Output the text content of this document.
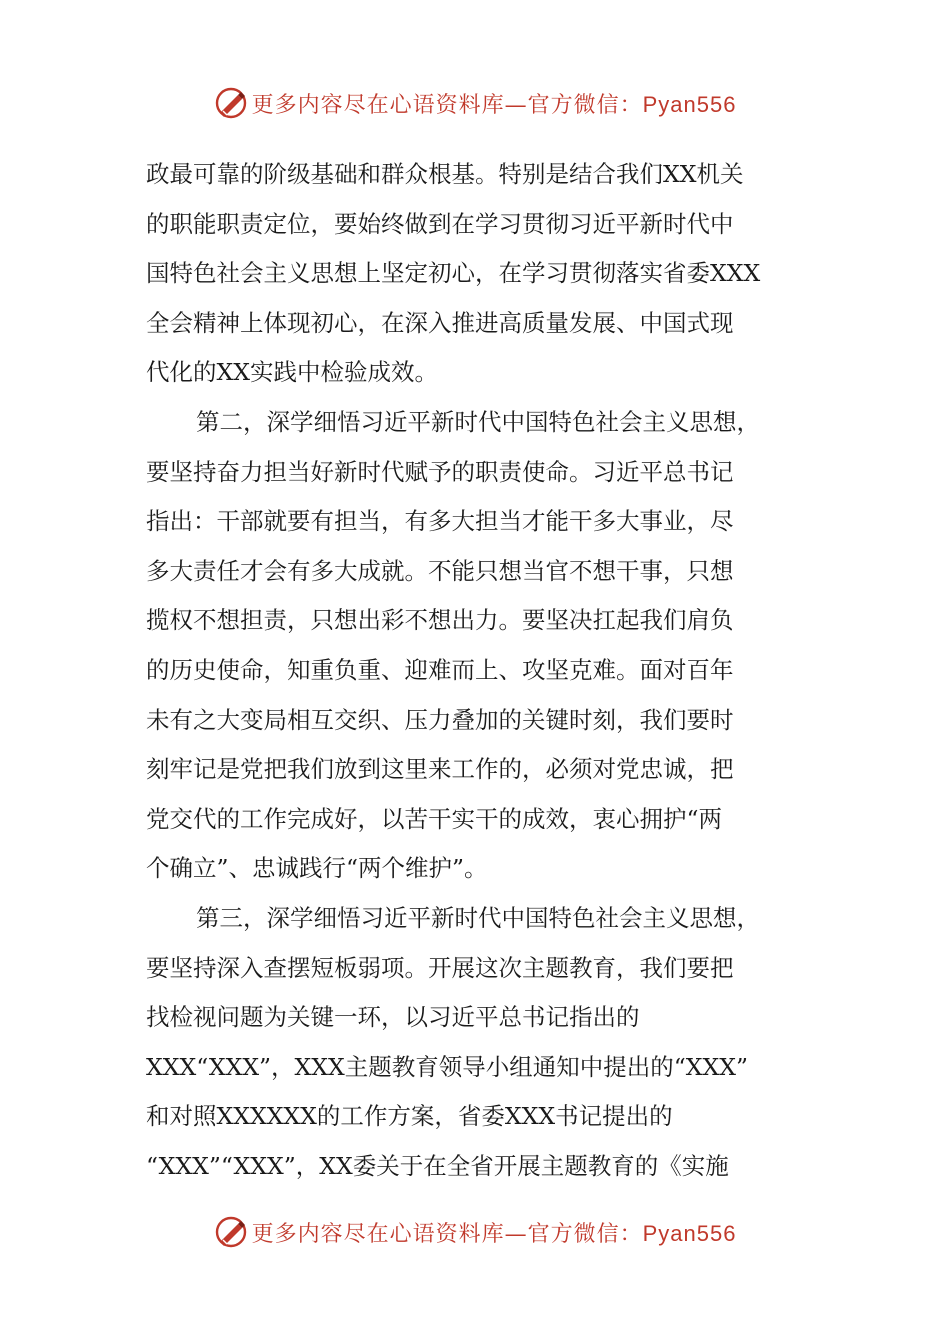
更多内容尽在心语资料库—官方微信：Pyan556
政最可靠的阶级基础和群众根基。特别是结合我们XX机关
的职能职责定位，要始终做到在学习贯彻习近平新时代中
国特色社会主义思想上坚定初心，在学习贯彻落实省委XXX
全会精神上体现初心，在深入推进高质量发展、中国式现
代化的XX实践中检验成效。
第二，深学细悟习近平新时代中国特色社会主义思想，
要坚持奋力担当好新时代赋予的职责使命。习近平总书记
指出：干部就要有担当，有多大担当才能干多大事业，尽
多大责任才会有多大成就。不能只想当官不想干事，只想
揽权不想担责，只想出彩不想出力。要坚决扛起我们肩负
的历史使命，知重负重、迎难而上、攻坚克难。面对百年
未有之大变局相互交织、压力叠加的关键时刻，我们要时
刻牢记是党把我们放到这里来工作的，必须对党忠诚，把
党交代的工作完成好，以苦干实干的成效，衷心拥护“两
个确立”、忠诚践行“两个维护”。
第三，深学细悟习近平新时代中国特色社会主义思想，
要坚持深入查摆短板弱项。开展这次主题教育，我们要把
找检视问题为关键一环，以习近平总书记指出的
XXX“XXX”，XXX主题教育领导小组通知中提出的“XXX”
和对照XXXXXX的工作方案，省委XXX书记提出的
“XXX”“XXX”，XX委关于在全省开展主题教育的《实施
更多内容尽在心语资料库—官方微信：Pyan556
